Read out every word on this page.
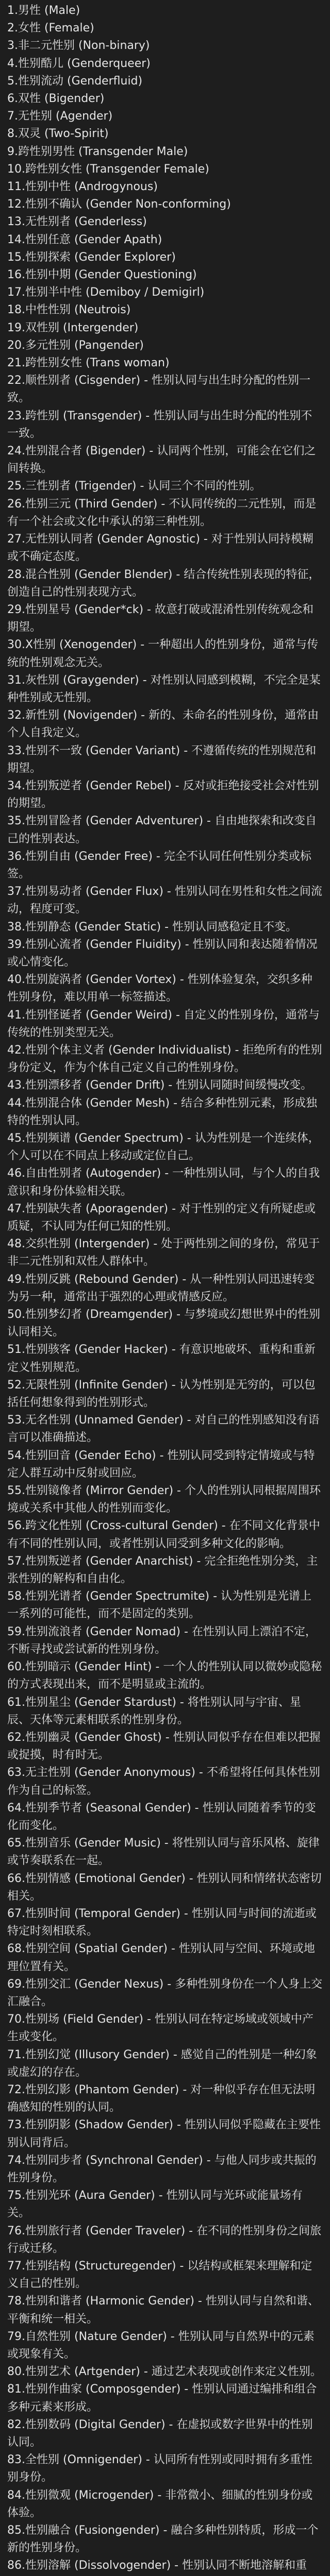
1.男性 (Male)

2.女性 (Female)

3.非二元性别 (Non-binary)

4.性别酷儿 (Genderqueer)

5.性别流动 (Genderfluid)

6.双性 (Bigender)

7.无性别 (Agender)

8.双灵 (Two-Spirit)

9.跨性别男性 (Transgender Male)

10.跨性别女性 (Transgender Female)

11.性别中性 (Androgynous)

12.性别不确认 (Gender Non-conforming)

13.无性别者 (Genderless)

14.性别任意 (Gender Apath)

15.性别探索 (Gender Explorer)

16.性别中期 (Gender Questioning)

17.性别半中性 (Demiboy / Demigirl)

18.中性性别 (Neutrois)

19.双性别 (Intergender)

20.多元性别 (Pangender)

21.跨性别女性 (Trans woman)

22.顺性别者 (Cisgender) - 性别认同与出生时分配的性别一致。

23.跨性别 (Transgender) - 性别认同与出生时分配的性别不一致。

24.性别混合者 (Bigender) - 认同两个性别，可能会在它们之间转换。

25.三性别者 (Trigender) - 认同三个不同的性别。

26.性别三元 (Third Gender) - 不认同传统的二元性别，而是有一个社会或文化中承认的第三种性别。

27.无性别认同者 (Gender Agnostic) - 对于性别认同持模糊或不确定态度。

28.混合性别 (Gender Blender) - 结合传统性别表现的特征，创造自己的性别表现方式。

29.性别星号 (Gender*ck) - 故意打破或混淆性别传统观念和期望。

30.X性别 (Xenogender) - 一种超出人的性别身份，通常与传统的性别观念无关。

31.灰性别 (Graygender) - 对性别认同感到模糊，不完全是某种性别或无性别。

32.新性别 (Novigender) - 新的、未命名的性别身份，通常由个人自我定义。

33.性别不一致 (Gender Variant) - 不遵循传统的性别规范和期望。

34.性别叛逆者 (Gender Rebel) - 反对或拒绝接受社会对性别的期望。

35.性别冒险者 (Gender Adventurer) - 自由地探索和改变自己的性别表达。

36.性别自由 (Gender Free) - 完全不认同任何性别分类或标签。

37.性别易动者 (Gender Flux) - 性别认同在男性和女性之间流动，程度可变。

38.性别静态 (Gender Static) - 性别认同感稳定且不变。

39.性别心流者 (Gender Fluidity) - 性别认同和表达随着情况或心情变化。

40.性别旋涡者 (Gender Vortex) - 性别体验复杂，交织多种性别身份，难以用单一标签描述。

41.性别怪诞者 (Gender Weird) - 自定义的性别身份，通常与传统的性别类型无关。

42.性别个体主义者 (Gender Individualist) - 拒绝所有的性别身份定义，作为个体自己定义自己的性别身份。

43.性别漂移者 (Gender Drift) - 性别认同随时间缓慢改变。

44.性别混合体 (Gender Mesh) - 结合多种性别元素，形成独特的性别认同。

45.性别频谱 (Gender Spectrum) - 认为性别是一个连续体，个人可以在不同点上移动或定位自己。

46.自由性别者 (Autogender) - 一种性别认同，与个人的自我意识和身份体验相关联。

47.性别缺失者 (Aporagender) - 对于性别的定义有所疑虑或质疑，不认同为任何已知的性别。

48.交织性别 (Intergender) - 处于两性别之间的身份，常见于非二元性别和双性人群体中。

49.性别反跳 (Rebound Gender) - 从一种性别认同迅速转变为另一种，通常出于强烈的心理或情感反应。

50.性别梦幻者 (Dreamgender) - 与梦境或幻想世界中的性别认同相关。

51.性别骇客 (Gender Hacker) - 有意识地破坏、重构和重新定义性别规范。

52.无限性别 (Infinite Gender) - 认为性别是无穷的，可以包括任何想象得到的性别形式。

53.无名性别 (Unnamed Gender) - 对自己的性别感知没有语言可以准确描述。

54.性别回音 (Gender Echo) - 性别认同受到特定情境或与特定人群互动中反射或回应。

55.性别镜像者 (Mirror Gender) - 个人的性别认同根据周围环境或关系中其他人的性别而变化。

56.跨文化性别 (Cross-cultural Gender) - 在不同文化背景中有不同的性别认同，或者性别认同受到多种文化的影响。

57.性别叛逆者 (Gender Anarchist) - 完全拒绝性别分类，主张性别的解构和自由化。

58.性别光谱者 (Gender Spectrumite) - 认为性别是光谱上一系列的可能性，而不是固定的类别。

59.性别流浪者 (Gender Nomad) - 在性别认同上漂泊不定，不断寻找或尝试新的性别身份。

60.性别暗示 (Gender Hint) - 一个人的性别认同以微妙或隐秘的方式表现出来，而不是明显或主流的。

61.性别星尘 (Gender Stardust) - 将性别认同与宇宙、星辰、天体等元素相联系的性别身份。

62.性别幽灵 (Gender Ghost) - 性别认同似乎存在但难以把握或捉摸，时有时无。

63.无主性别 (Gender Anonymous) - 不希望将任何具体性别作为自己的标签。

64.性别季节者 (Seasonal Gender) - 性别认同随着季节的变化而变化。

65.性别音乐 (Gender Music) - 将性别认同与音乐风格、旋律或节奏联系在一起。

66.性别情感 (Emotional Gender) - 性别认同和情绪状态密切相关。

67.性别时间 (Temporal Gender) - 性别认同与时间的流逝或特定时刻相联系。

68.性别空间 (Spatial Gender) - 性别认同与空间、环境或地理位置有关。

69.性别交汇 (Gender Nexus) - 多种性别身份在一个人身上交汇融合。

70.性别场 (Field Gender) - 性别认同在特定场域或领域中产生或变化。

71.性别幻觉 (Illusory Gender) - 感觉自己的性别是一种幻象或虚幻的存在。

72.性别幻影 (Phantom Gender) - 对一种似乎存在但无法明确感知的性别的认同。

73.性别阴影 (Shadow Gender) - 性别认同似乎隐藏在主要性别认同背后。

74.性别同步者 (Synchronal Gender) - 与他人同步或共振的性别身份。

75.性别光环 (Aura Gender) - 性别认同与光环或能量场有关。

76.性别旅行者 (Gender Traveler) - 在不同的性别身份之间旅行或迁移。

77.性别结构 (Structuregender) - 以结构或框架来理解和定义自己的性别。

78.性别和谐者 (Harmonic Gender) - 性别认同与自然和谐、平衡和统一相关。

79.自然性别 (Nature Gender) - 性别认同与自然界中的元素或现象有关。

80.性别艺术 (Artgender) - 通过艺术表现或创作来定义性别。

81.性别作曲家 (Composgender) - 性别认同通过编排和组合多种元素来形成。

82.性别数码 (Digital Gender) - 在虚拟或数字世界中的性别认同。

83.全性别 (Omnigender) - 认同所有性别或同时拥有多重性别身份。

84.性别微观 (Microgender) - 非常微小、细腻的性别身份或体验。

85.性别融合 (Fusiongender) - 融合多种性别特质，形成一个新的性别身份。

86.性别溶解 (Dissolvogender) - 性别认同不断地溶解和重
